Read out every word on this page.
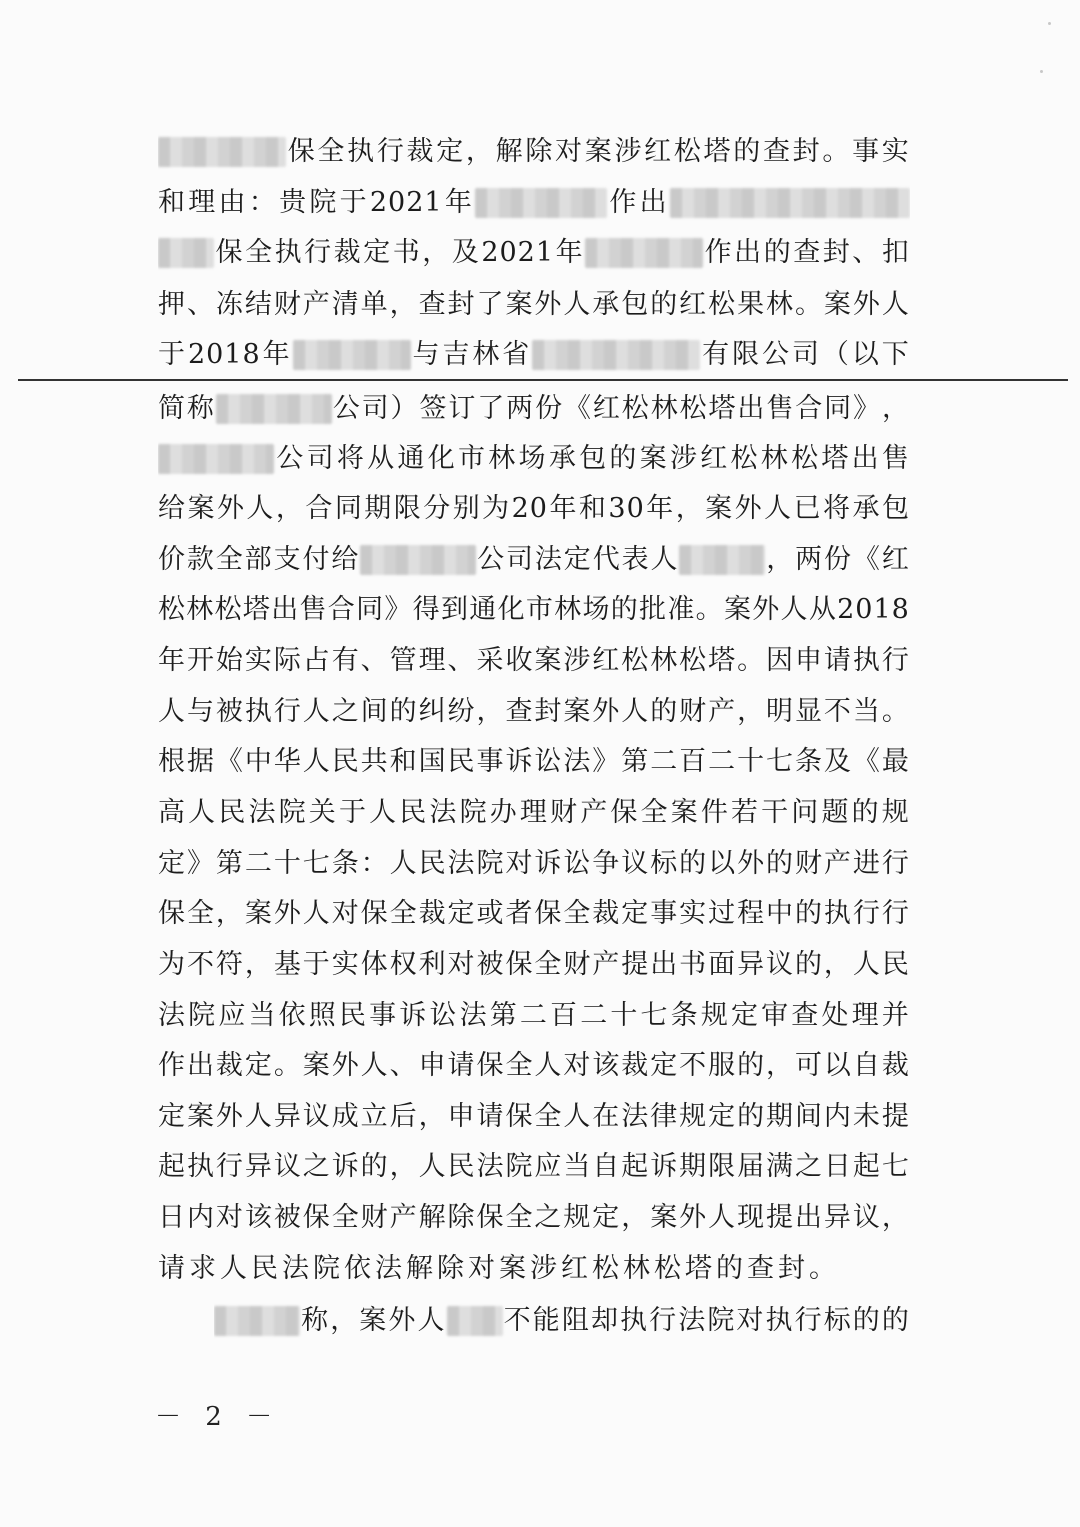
保 全 执 行 裁 定 ， 解 除 对 案 涉 红 松 塔 的 查 封 。 事 实
和 理 由 ： 贵 院 于 2021 年	作 出
保 全 执 行 裁 定 书 ， 及 2021 年	作 出 的 查 封 、 扣
押 、 冻 结 财 产 清 单 ， 查 封 了 案 外 人 承 包 的 红 松 果 林 。 案 外 人
于 2018 年	与 吉 林 省	有 限 公 司 （ 以 下
简 称	公 司 ） 签 订 了 两 份 《 红 松 林 松 塔 出 售 合 同 》 ，
公 司 将 从 通 化 市 林 场 承 包 的 案 涉 红 松 林 松 塔 出 售
给 案 外 人 ， 合 同 期 限 分 别 为 20 年 和 30 年 ， 案 外 人 已 将 承 包
价 款 全 部 支 付 给	公 司 法 定 代 表 人	， 两 份 《 红
松 林 松 塔 出 售 合 同 》 得 到 通 化 市 林 场 的 批 准 。 案 外 人 从 2018
年 开 始 实 际 占 有 、 管 理 、 采 收 案 涉 红 松 林 松 塔 。 因 申 请 执 行
人 与 被 执 行 人 之 间 的 纠 纷 ， 查 封 案 外 人 的 财 产 ， 明 显 不 当 。
根 据 《 中 华 人 民 共 和 国 民 事 诉 讼 法 》 第 二 百 二 十 七 条 及 《 最
高 人 民 法 院 关 于 人 民 法 院 办 理 财 产 保 全 案 件 若 干 问 题 的 规
定 》 第 二 十 七 条 ： 人 民 法 院 对 诉 讼 争 议 标 的 以 外 的 财 产 进 行
保 全 ， 案 外 人 对 保 全 裁 定 或 者 保 全 裁 定 事 实 过 程 中 的 执 行 行
为 不 符 ， 基 于 实 体 权 利 对 被 保 全 财 产 提 出 书 面 异 议 的 ， 人 民
法 院 应 当 依 照 民 事 诉 讼 法 第 二 百 二 十 七 条 规 定 审 查 处 理 并
作 出 裁 定 。 案 外 人 、 申 请 保 全 人 对 该 裁 定 不 服 的 ， 可 以 自 裁
定 案 外 人 异 议 成 立 后 ， 申 请 保 全 人 在 法 律 规 定 的 期 间 内 未 提
起 执 行 异 议 之 诉 的 ， 人 民 法 院 应 当 自 起 诉 期 限 届 满 之 日 起 七
日 内 对 该 被 保 全 财 产 解 除 保 全 之 规 定 ， 案 外 人 现 提 出 异 议 ，
请 求 人 民 法 院 依 法 解 除 对 案 涉 红 松 林 松 塔 的 查 封 。
称 ， 案 外 人 不 能 阻 却 执 行 法 院 对 执 行 标 的 的
－ 2 －
